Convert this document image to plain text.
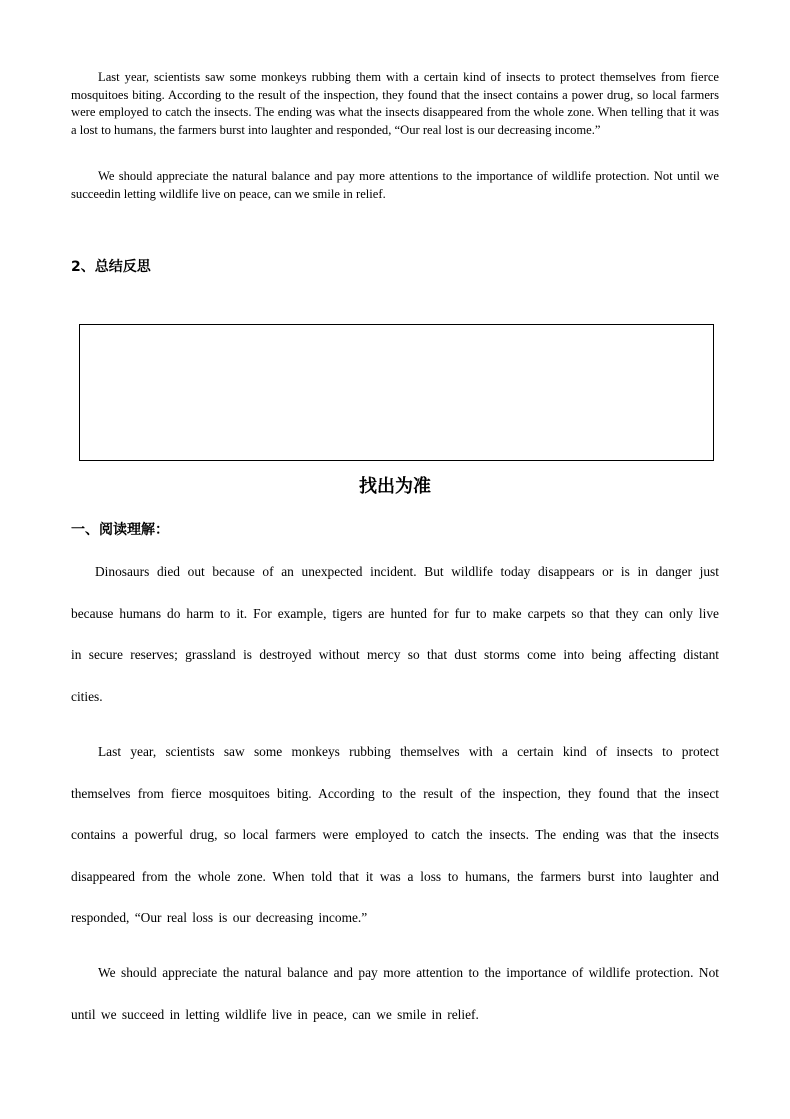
Last year, scientists saw some monkeys rubbing them with a certain kind of insects to protect themselves from fierce mosquitoes biting. According to the result of the inspection, they found that the insect contains a power drug, so local farmers were employed to catch the insects. The ending was what the insects disappeared from the whole zone. When telling that it was a lost to humans, the farmers burst into laughter and responded, “Our real lost is our decreasing income.”

We should appreciate the natural balance and pay more attentions to the importance of wildlife protection. Not until we succeedin letting wildlife live on peace, can we smile in relief.

2、总结反思
找出为准
一、阅读理解：

Dinosaurs died out because of an unexpected incident. But wildlife today disappears or is in danger just because humans do harm to it. For example, tigers are hunted for fur to make carpets so that they can only live in secure reserves; grassland is destroyed without mercy so that dust storms come into being affecting distant cities.

Last year, scientists saw some monkeys rubbing themselves with a certain kind of insects to protect themselves from fierce mosquitoes biting. According to the result of the inspection, they found that the insect contains a powerful drug, so local farmers were employed to catch the insects. The ending was that the insects disappeared from the whole zone. When told that it was a loss to humans, the farmers burst into laughter and responded, “Our real loss is our decreasing income.”

We should appreciate the natural balance and pay more attention to the importance of wildlife protection. Not until we succeed in letting wildlife live in peace, can we smile in relief.
